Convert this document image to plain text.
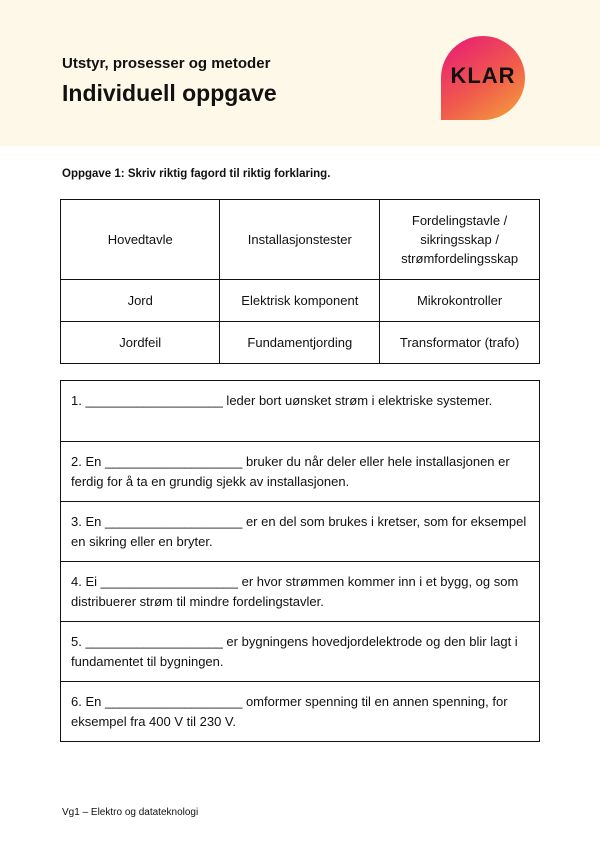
Utstyr, prosesser og metoder
Individuell oppgave
KLAR
Oppgave 1: Skriv riktig fagord til riktig forklaring.
Hovedtavle	Installasjonstester	Fordelingstavle / sikringsskap / strømfordelingsskap
Jord	Elektrisk komponent	Mikrokontroller
Jordfeil	Fundamentjording	Transformator (trafo)
1. ___________________ leder bort uønsket strøm i elektriske systemer.
2. En ___________________ bruker du når deler eller hele installasjonen er ferdig for å ta en grundig sjekk av installasjonen.
3. En ___________________ er en del som brukes i kretser, som for eksempel en sikring eller en bryter.
4. Ei ___________________ er hvor strømmen kommer inn i et bygg, og som distribuerer strøm til mindre fordelingstavler.
5. ___________________ er bygningens hovedjordelektrode og den blir lagt i fundamentet til bygningen.
6. En ___________________ omformer spenning til en annen spenning, for eksempel fra 400 V til 230 V.
Vg1 – Elektro og datateknologi
